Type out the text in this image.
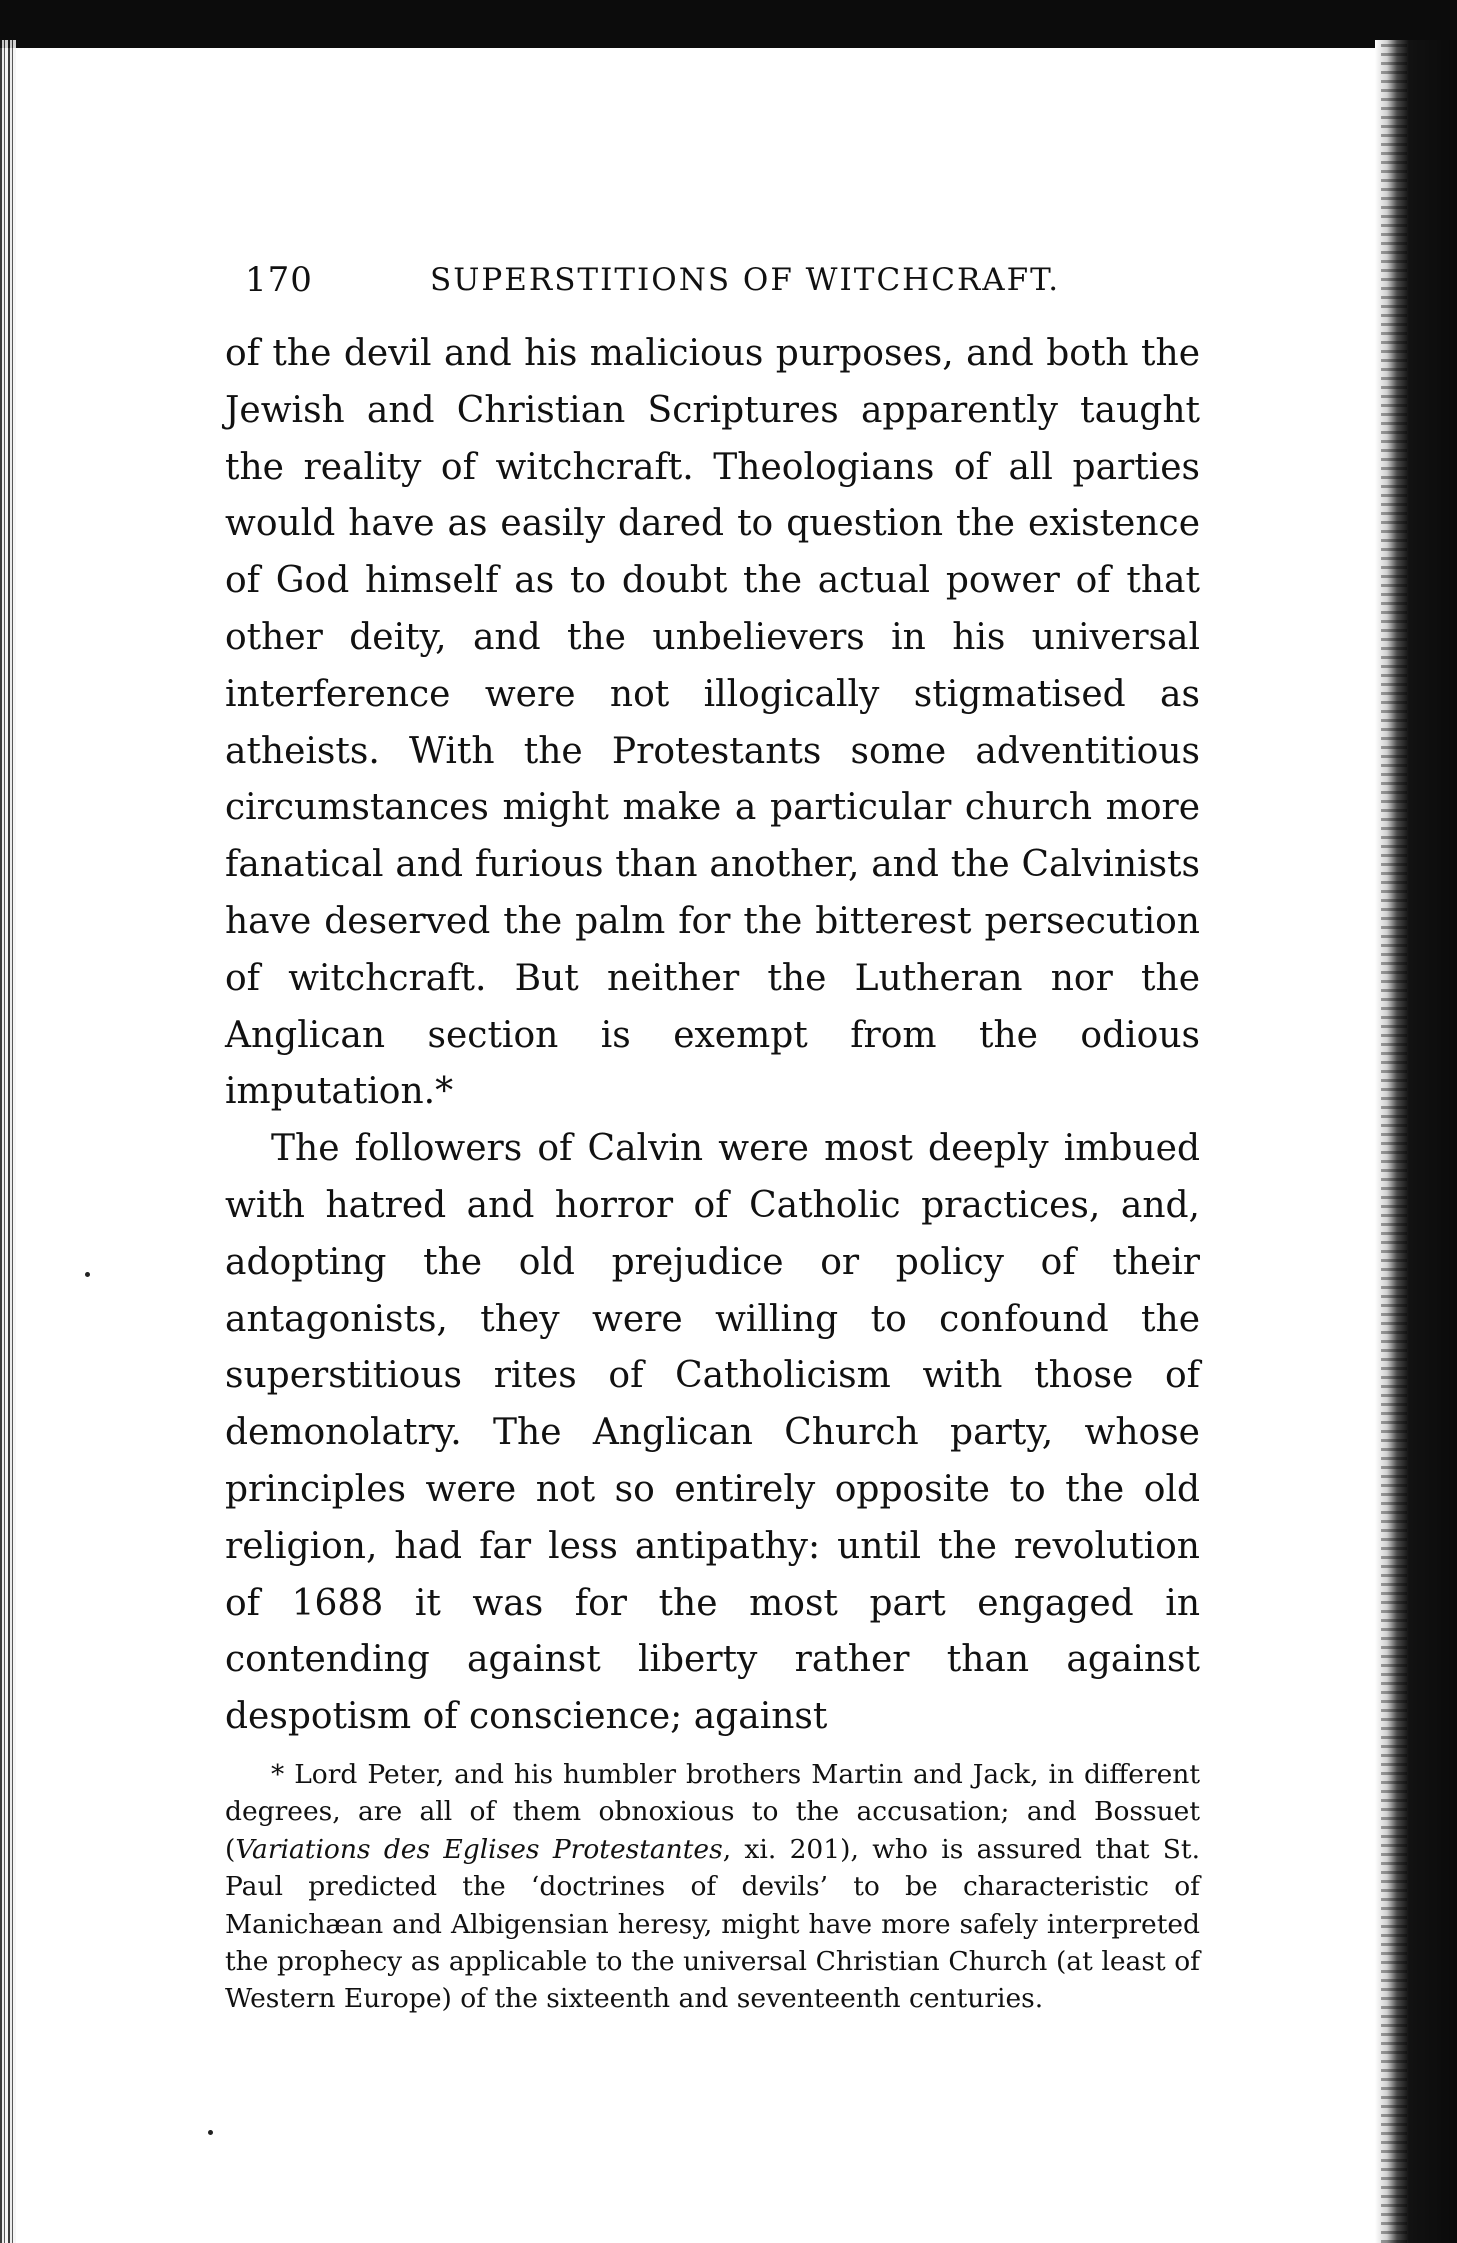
170	SUPERSTITIONS OF WITCHCRAFT.

of the devil and his malicious purposes, and both the Jewish and Christian Scriptures apparently taught the reality of witchcraft. Theologians of all parties would have as easily dared to question the existence of God himself as to doubt the actual power of that other deity, and the unbelievers in his universal interference were not illogically stigmatised as atheists. With the Protestants some adventitious circumstances might make a particular church more fanatical and furious than another, and the Calvinists have deserved the palm for the bitterest persecution of witchcraft. But neither the Lutheran nor the Anglican section is exempt from the odious imputation.*

The followers of Calvin were most deeply imbued with hatred and horror of Catholic practices, and, adopting the old prejudice or policy of their antagonists, they were willing to confound the superstitious rites of Catholicism with those of demonolatry. The Anglican Church party, whose principles were not so entirely opposite to the old religion, had far less antipathy: until the revolution of 1688 it was for the most part engaged in contending against liberty rather than against despotism of conscience; against

* Lord Peter, and his humbler brothers Martin and Jack, in different degrees, are all of them obnoxious to the accusation; and Bossuet (Variations des Eglises Protestantes, xi. 201), who is assured that St. Paul predicted the ‘doctrines of devils’ to be characteristic of Manichæan and Albigensian heresy, might have more safely interpreted the prophecy as applicable to the universal Christian Church (at least of Western Europe) of the sixteenth and seventeenth centuries.
